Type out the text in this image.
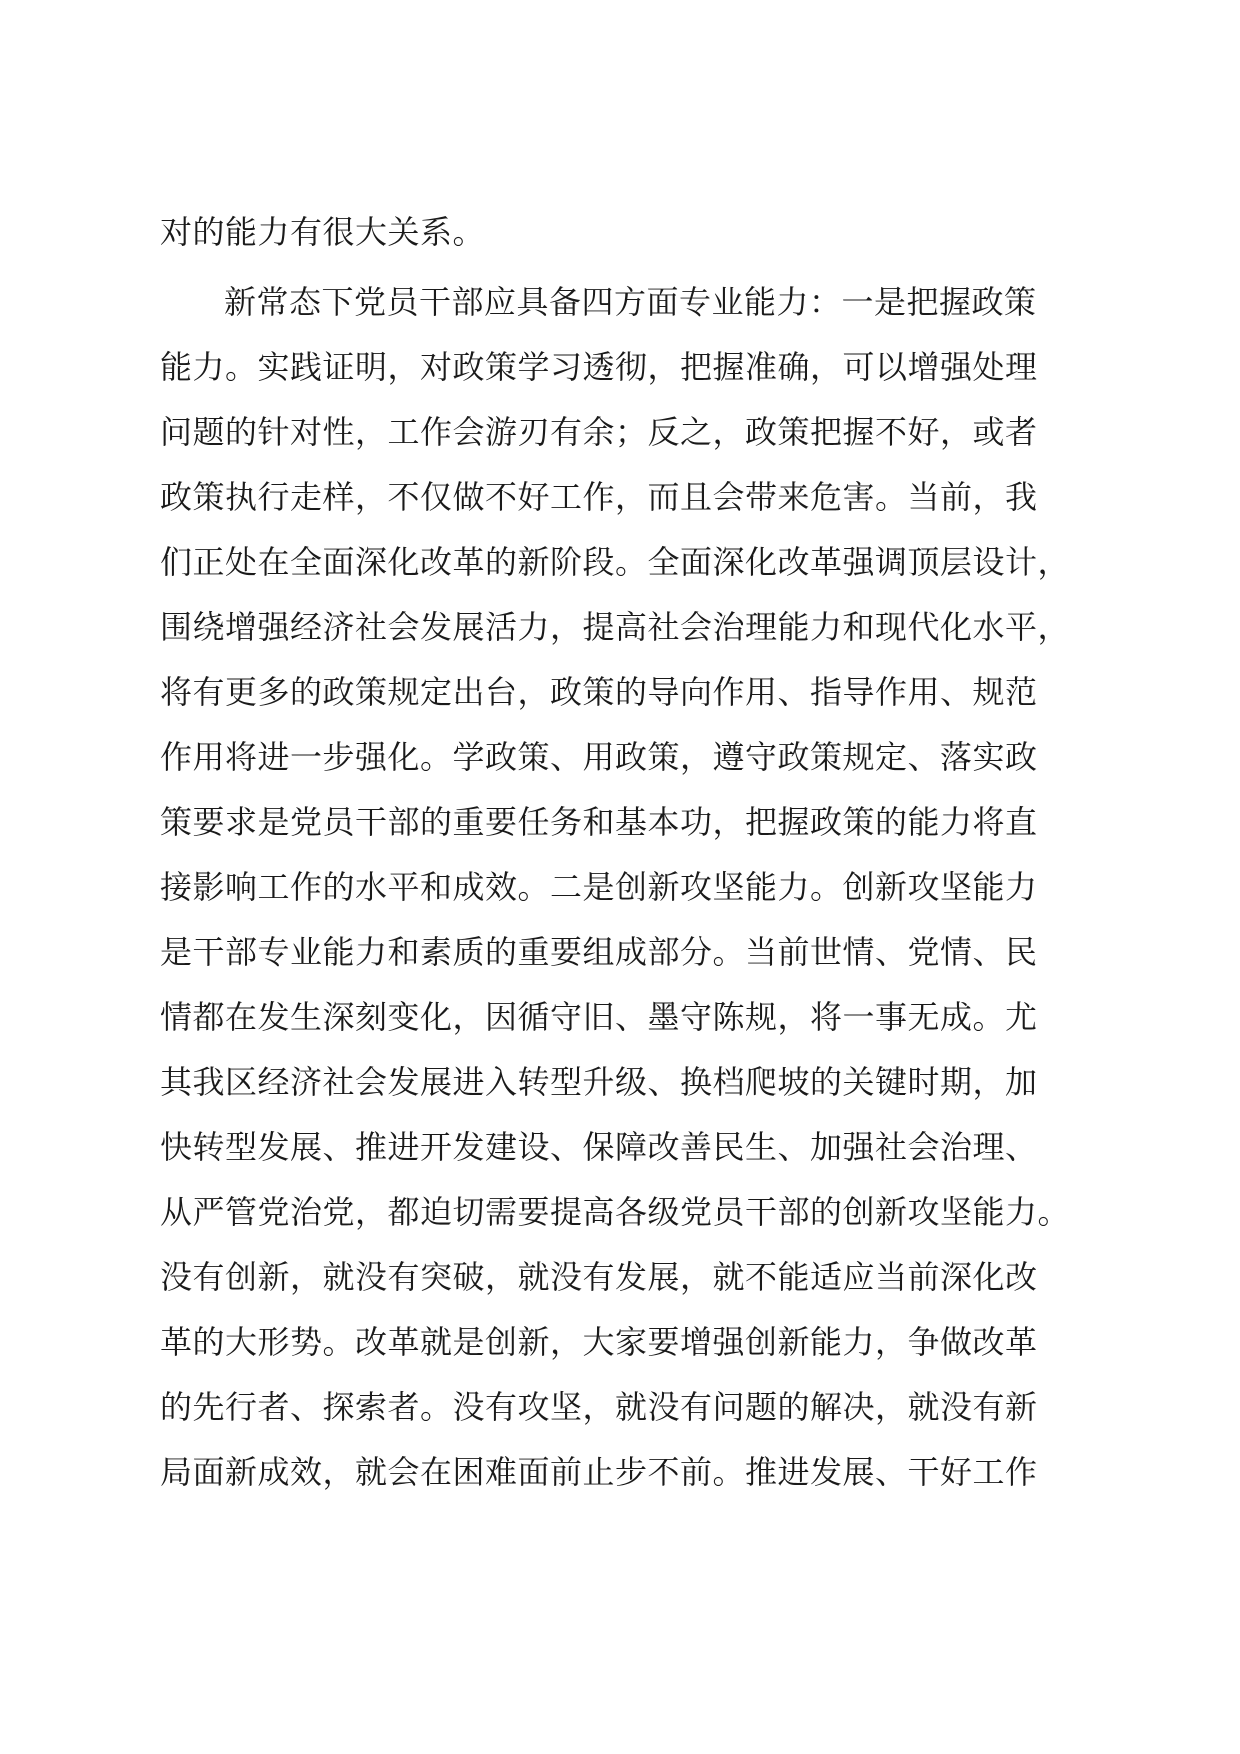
对的能力有很大关系。

新常态下党员干部应具备四方面专业能力：一是把握政策

能力。实践证明，对政策学习透彻，把握准确，可以增强处理

问题的针对性，工作会游刃有余；反之，政策把握不好，或者

政策执行走样，不仅做不好工作，而且会带来危害。当前，我

们正处在全面深化改革的新阶段。全面深化改革强调顶层设计，

围绕增强经济社会发展活力，提高社会治理能力和现代化水平，

将有更多的政策规定出台，政策的导向作用、指导作用、规范

作用将进一步强化。学政策、用政策，遵守政策规定、落实政

策要求是党员干部的重要任务和基本功，把握政策的能力将直

接影响工作的水平和成效。二是创新攻坚能力。创新攻坚能力

是干部专业能力和素质的重要组成部分。当前世情、党情、民

情都在发生深刻变化，因循守旧、墨守陈规，将一事无成。尤

其我区经济社会发展进入转型升级、换档爬坡的关键时期，加

快转型发展、推进开发建设、保障改善民生、加强社会治理、

从严管党治党，都迫切需要提高各级党员干部的创新攻坚能力。

没有创新，就没有突破，就没有发展，就不能适应当前深化改

革的大形势。改革就是创新，大家要增强创新能力，争做改革

的先行者、探索者。没有攻坚，就没有问题的解决，就没有新

局面新成效，就会在困难面前止步不前。推进发展、干好工作
